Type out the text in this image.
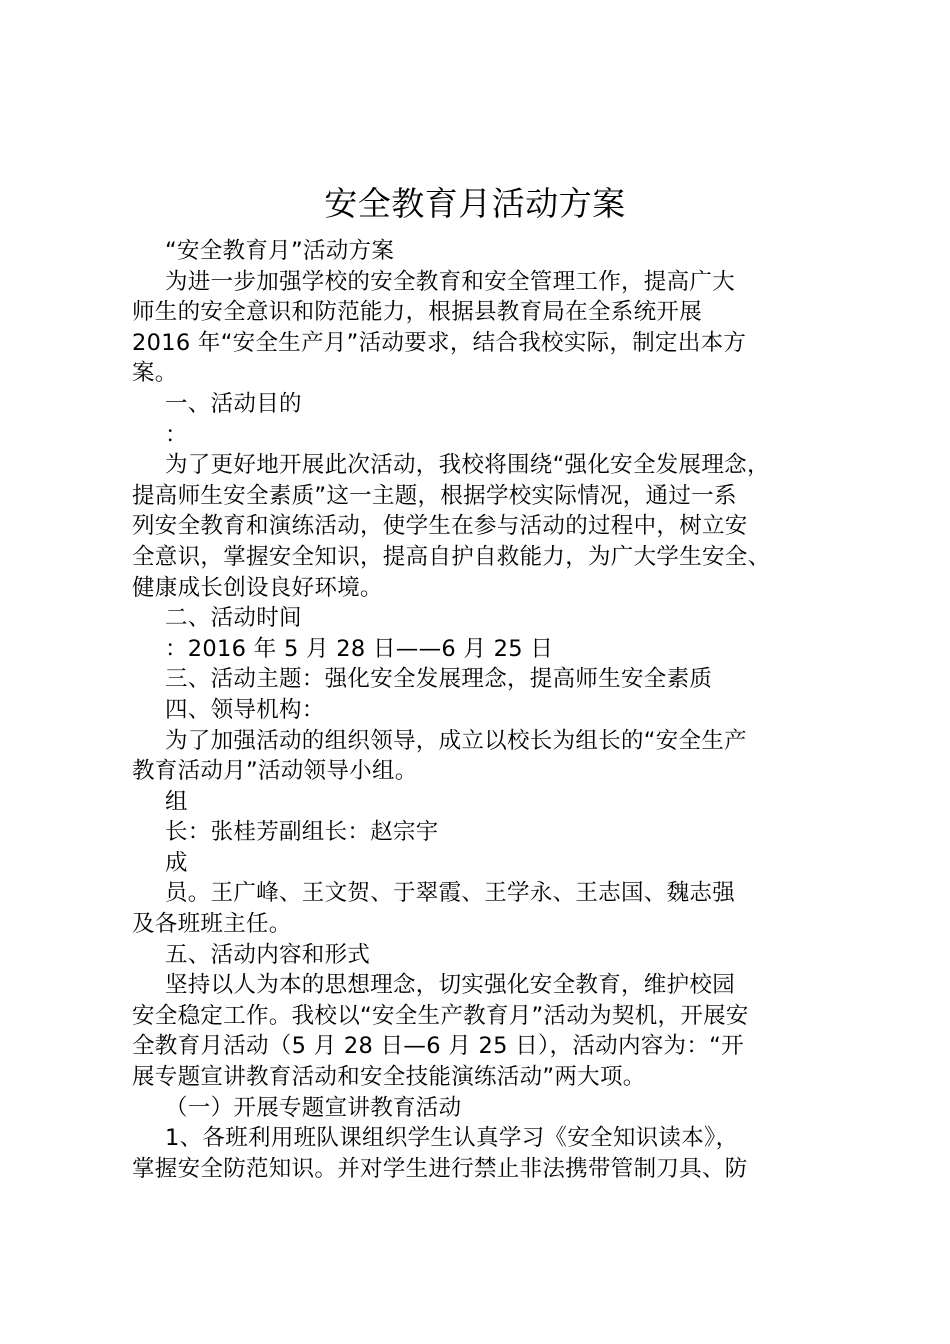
安全教育月活动方案
“安全教育月”活动方案
为进一步加强学校的安全教育和安全管理工作，提高广大
师生的安全意识和防范能力，根据县教育局在全系统开展
2016 年“安全生产月”活动要求，结合我校实际，制定出本方
案。
一、活动目的
：
为了更好地开展此次活动，我校将围绕“强化安全发展理念，
提高师生安全素质”这一主题，根据学校实际情况，通过一系
列安全教育和演练活动，使学生在参与活动的过程中，树立安
全意识，掌握安全知识，提高自护自救能力，为广大学生安全、
健康成长创设良好环境。
二、活动时间
：2016 年 5 月 28 日——6 月 25 日
三、活动主题：强化安全发展理念，提高师生安全素质
四、领导机构：
为了加强活动的组织领导，成立以校长为组长的“安全生产
教育活动月”活动领导小组。
组
长：张桂芳副组长：赵宗宇
成
员。王广峰、王文贺、于翠霞、王学永、王志国、魏志强
及各班班主任。
五、活动内容和形式
坚持以人为本的思想理念，切实强化安全教育，维护校园
安全稳定工作。我校以“安全生产教育月”活动为契机，开展安
全教育月活动（5 月 28 日—6 月 25 日），活动内容为：“开
展专题宣讲教育活动和安全技能演练活动”两大项。
（一）开展专题宣讲教育活动
1、各班利用班队课组织学生认真学习《安全知识读本》，
掌握安全防范知识。并对学生进行禁止非法携带管制刀具、防
